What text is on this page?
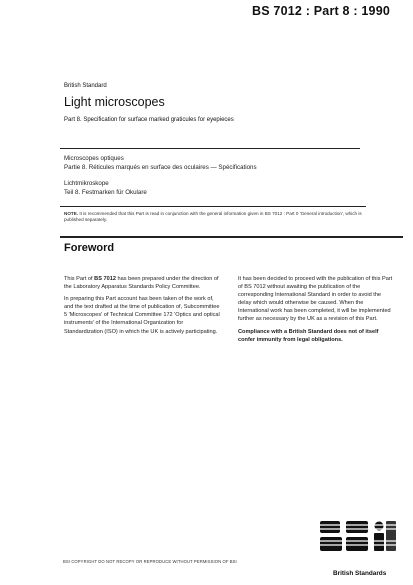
BS 7012 : Part 8 : 1990
British Standard
Light microscopes
Part 8. Specification for surface marked graticules for eyepieces
Microscopes optiques
Partie 8. Réticules marqués en surface des oculaires — Spécifications
Lichtmikroskope
Teil 8. Festmarken für Okulare
NOTE. It is recommended that this Part is read in conjunction with the general information given in BS 7012 : Part 0 'General introduction', which is published separately.
Foreword

This Part of BS 7012 has been prepared under the direction of the Laboratory Apparatus Standards Policy Committee.

In preparing this Part account has been taken of the work of, and the text drafted at the time of publication of, Subcommittee 5 'Microscopes' of Technical Committee 172 'Optics and optical instruments' of the International Organization for Standardization (ISO) in which the UK is actively participating.

It has been decided to proceed with the publication of this Part of BS 7012 without awaiting the publication of the corresponding International Standard in order to avoid the delay which would otherwise be caused. When the International work has been completed, it will be implemented further as necessary by the UK as a revision of this Part.

Compliance with a British Standard does not of itself confer immunity from legal obligations.

BSI COPYRIGHT DO NOT RECOPY OR REPRODUCE WITHOUT PERMISSION OF BSI
British Standards
